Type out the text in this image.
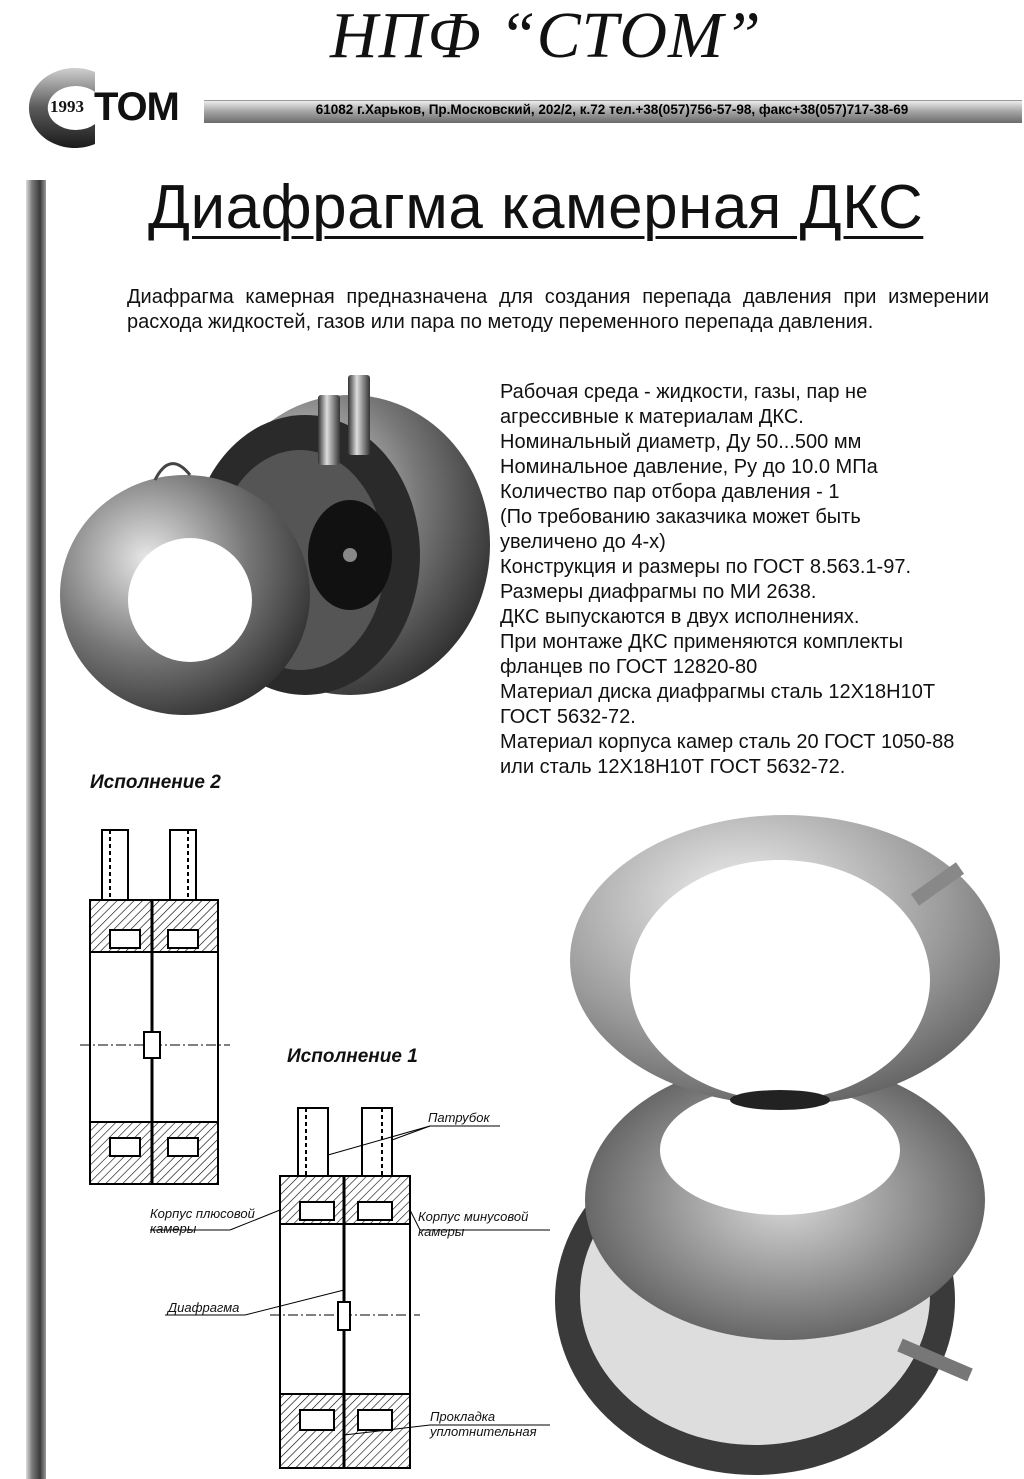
НПФ “СТОМ”
1993 ТОМ	61082 г.Харьков, Пр.Московский, 202/2, к.72 тел.+38(057)756-57-98, факс+38(057)717-38-69
Диафрагма камерная ДКС
Диафрагма камерная предназначена для создания перепада давления при измерении расхода жидкостей, газов или пара по методу переменного перепада давления.
Рабочая среда - жидкости, газы, пар не
агрессивные к материалам ДКС.
Номинальный диаметр, Ду 50...500 мм
Номинальное давление, Ру до 10.0 МПа
Количество пар отбора давления - 1
(По требованию заказчика может быть
увеличено до 4-х)
Конструкция и размеры по ГОСТ 8.563.1-97.
Размеры диафрагмы по МИ 2638.
ДКС выпускаются в двух исполнениях.
При монтаже ДКС применяются комплекты
фланцев по ГОСТ 12820-80
Материал диска диафрагмы сталь 12Х18Н10Т
ГОСТ 5632-72.
Материал корпуса камер сталь 20 ГОСТ 1050-88
или сталь 12Х18Н10Т ГОСТ 5632-72.
Исполнение 2
Исполнение 1
Патрубок
Корпус плюсовой
камеры
Корпус минусовой
камеры
Диафрагма
Прокладка
уплотнительная
